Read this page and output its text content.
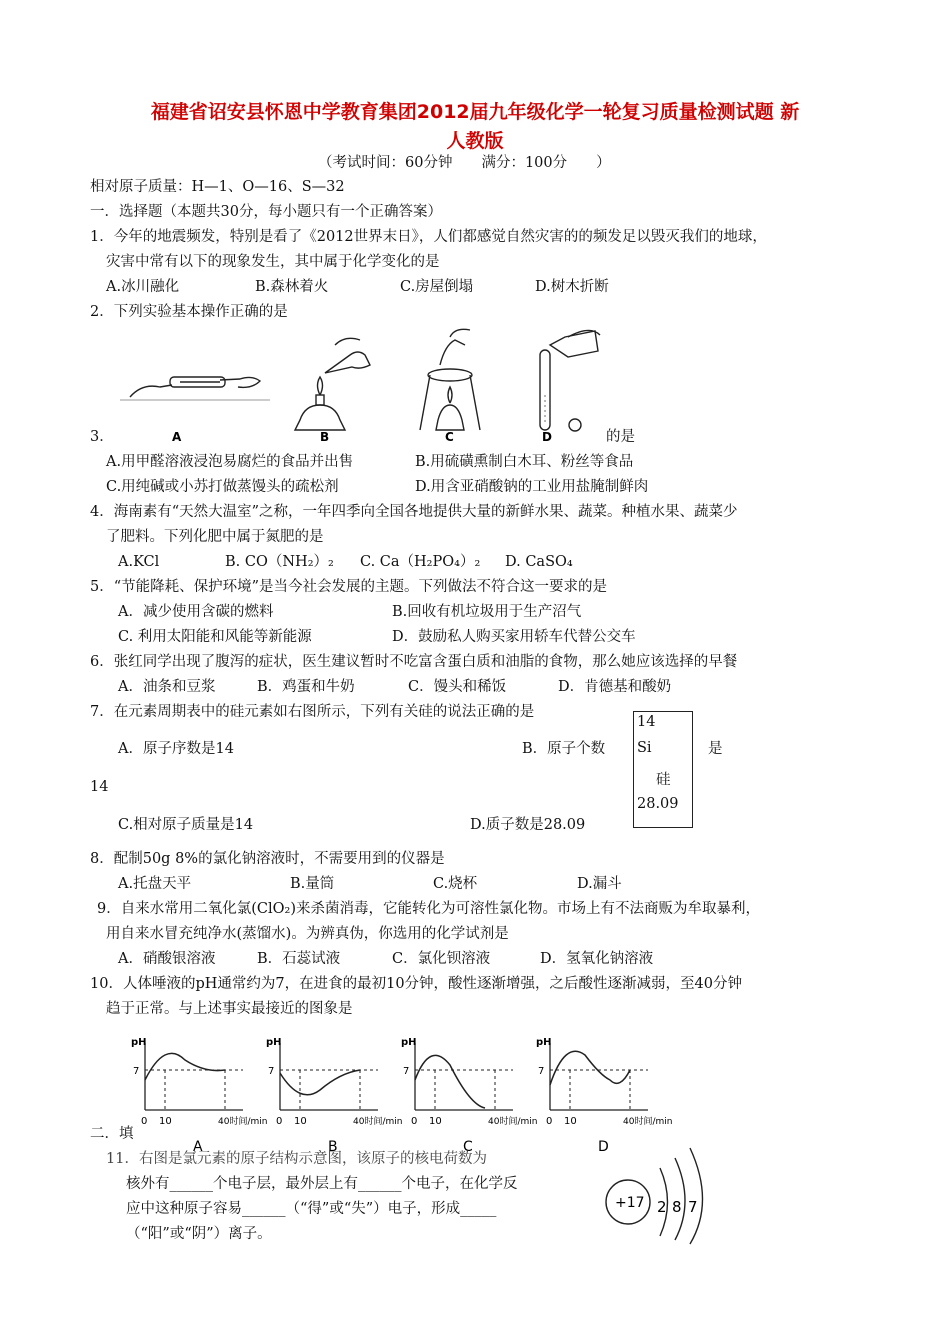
福建省诏安县怀恩中学教育集团2012届九年级化学一轮复习质量检测试题 新
人教版
（考试时间：60分钟　　满分：100分　　）
相对原子质量：H—1、O—16、S—32
一．选择题（本题共30分，每小题只有一个正确答案）
1．今年的地震频发，特别是看了《2012世界末日》，人们都感觉自然灾害的的频发足以毁灭我们的地球，
灾害中常有以下的现象发生，其中属于化学变化的是
A.冰川融化	B.森林着火	C.房屋倒塌	D.树木折断
2．下列实验基本操作正确的是
A	B	C	D
3．	的是
A.用甲醛溶液浸泡易腐烂的食品并出售	B.用硫磺熏制白木耳、粉丝等食品
C.用纯碱或小苏打做蒸馒头的疏松剂	D.用含亚硝酸钠的工业用盐腌制鲜肉
4．海南素有“天然大温室”之称，一年四季向全国各地提供大量的新鲜水果、蔬菜。种植水果、蔬菜少
了肥料。下列化肥中属于氮肥的是
A.KCl	B. CO（NH₂）₂ C. Ca（H₂PO₄）₂ D. CaSO₄
5．“节能降耗、保护环境”是当今社会发展的主题。下列做法不符合这一要求的是
A．减少使用含碳的燃料	B.回收有机垃圾用于生产沼气
C. 利用太阳能和风能等新能源	D．鼓励私人购买家用轿车代替公交车
6．张红同学出现了腹泻的症状，医生建议暂时不吃富含蛋白质和油脂的食物，那么她应该选择的早餐
A．油条和豆浆	B．鸡蛋和牛奶	C．馒头和稀饭	D．肯德基和酸奶
7．在元素周期表中的硅元素如右图所示，下列有关硅的说法正确的是
A．原子序数是14	B．原子个数	是
14
C.相对原子质量是14	D.质子数是28.09
14
Si
硅
28.09
8．配制50g 8%的氯化钠溶液时，不需要用到的仪器是
A.托盘天平	B.量筒	C.烧杯	D.漏斗
9．自来水常用二氧化氯(ClO₂)来杀菌消毒，它能转化为可溶性氯化物。市场上有不法商贩为牟取暴利，
用自来水冒充纯净水(蒸馏水)。为辨真伪，你选用的化学试剂是
A．硝酸银溶液	B．石蕊试液	C．氯化钡溶液	D．氢氧化钠溶液
10．人体唾液的pH通常约为7，在进食的最初10分钟，酸性逐渐增强，之后酸性逐渐减弱，至40分钟
趋于正常。与上述事实最接近的图象是
pH
7
0 10	40时间/min
A
pH
7
0 10	40时间/min
B
pH
7
0 10	40时间/min
C
pH
7
0 10	40时间/min
D
二．填
11．右图是氯元素的原子结构示意图，该原子的核电荷数为
核外有______个电子层，最外层上有______个电子，在化学反
应中这种原子容易______（“得”或“失”）电子，形成_____
（“阳”或“阴”）离子。
+17 2 8 7
